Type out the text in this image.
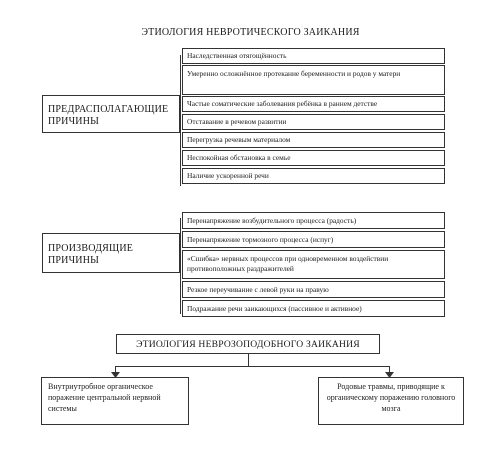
ЭТИОЛОГИЯ НЕВРОТИЧЕСКОГО ЗАИКАНИЯ
ПРЕДРАСПОЛАГАЮЩИЕ ПРИЧИНЫ
Наследственная отягощённость
Умеренно осложнённое протекание беременности и родов у матери
Частые соматические заболевания ребёнка в раннем детстве
Отставание в речевом развитии
Перегрузка речевым материалом
Неспокойная обстановка в семье
Наличие ускоренной речи
ПРОИЗВОДЯЩИЕ ПРИЧИНЫ
Перенапряжение возбудительного процесса (радость)
Перенапряжение тормозного процесса (испуг)
«Сшибка» нервных процессов при одновременном воздействии противоположных раздражителей
Резкое переучивание с левой руки на правую
Подражание речи заикающихся (пассивное и активное)
ЭТИОЛОГИЯ НЕВРОЗОПОДОБНОГО ЗАИКАНИЯ
Внутриутробное органическое поражение центральной нервной системы
Родовые травмы, приводящие к органическому поражению головного мозга
